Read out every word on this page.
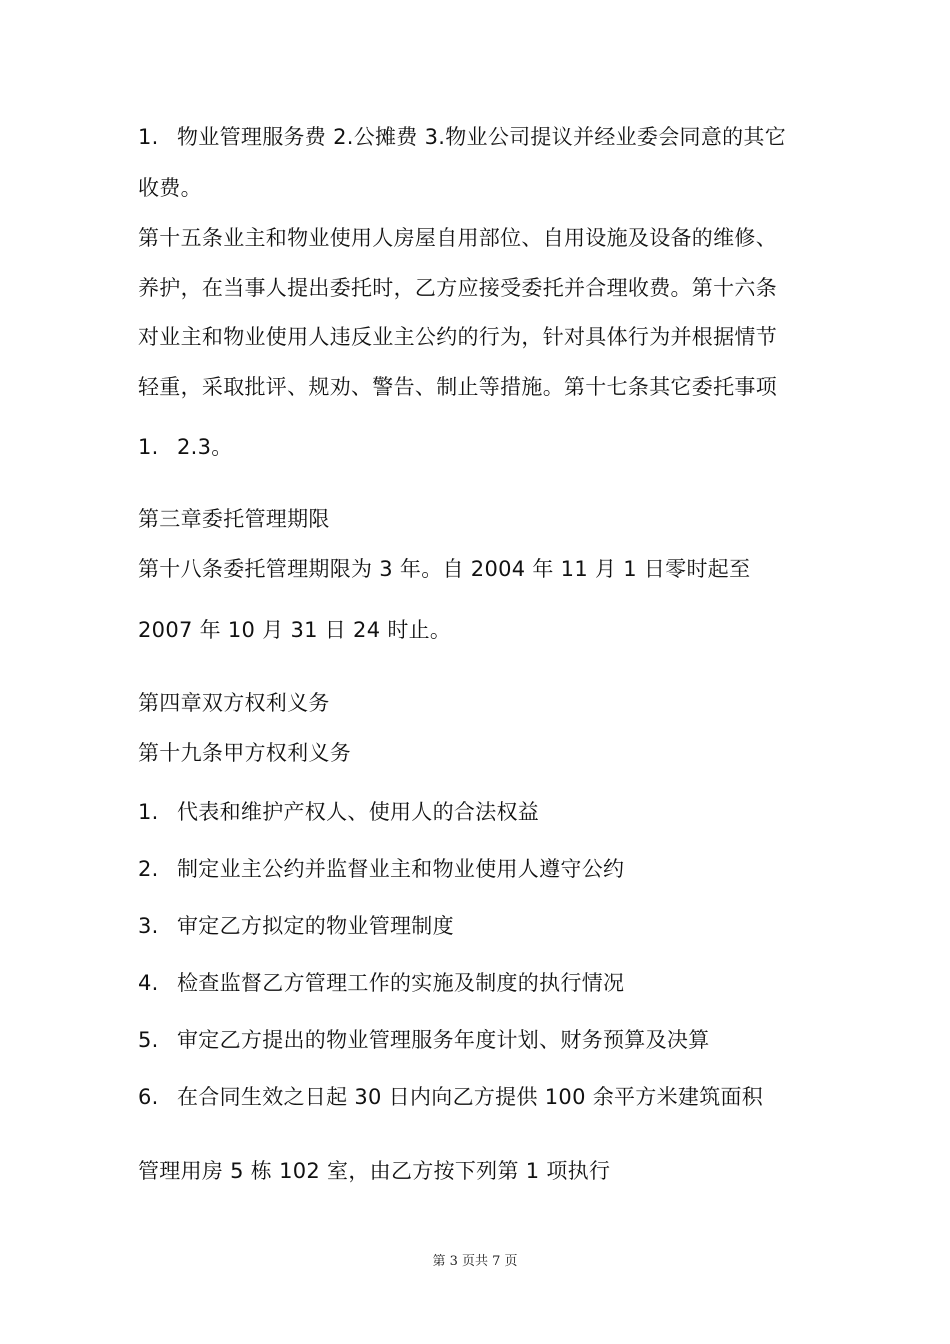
1. 物业管理服务费 2.公摊费 3.物业公司提议并经业委会同意的其它
收费。
第十五条业主和物业使用人房屋自用部位、自用设施及设备的维修、
养护，在当事人提出委托时，乙方应接受委托并合理收费。第十六条
对业主和物业使用人违反业主公约的行为，针对具体行为并根据情节
轻重，采取批评、规劝、警告、制止等措施。第十七条其它委托事项
1. 2.3。
第三章委托管理期限
第十八条委托管理期限为 3 年。自 2004 年 11 月 1 日零时起至
2007 年 10 月 31 日 24 时止。
第四章双方权利义务
第十九条甲方权利义务
1. 代表和维护产权人、使用人的合法权益
2. 制定业主公约并监督业主和物业使用人遵守公约
3. 审定乙方拟定的物业管理制度
4. 检查监督乙方管理工作的实施及制度的执行情况
5. 审定乙方提出的物业管理服务年度计划、财务预算及决算
6. 在合同生效之日起 30 日内向乙方提供 100 余平方米建筑面积
管理用房 5 栋 102 室，由乙方按下列第 1 项执行
第 3 页共 7 页
